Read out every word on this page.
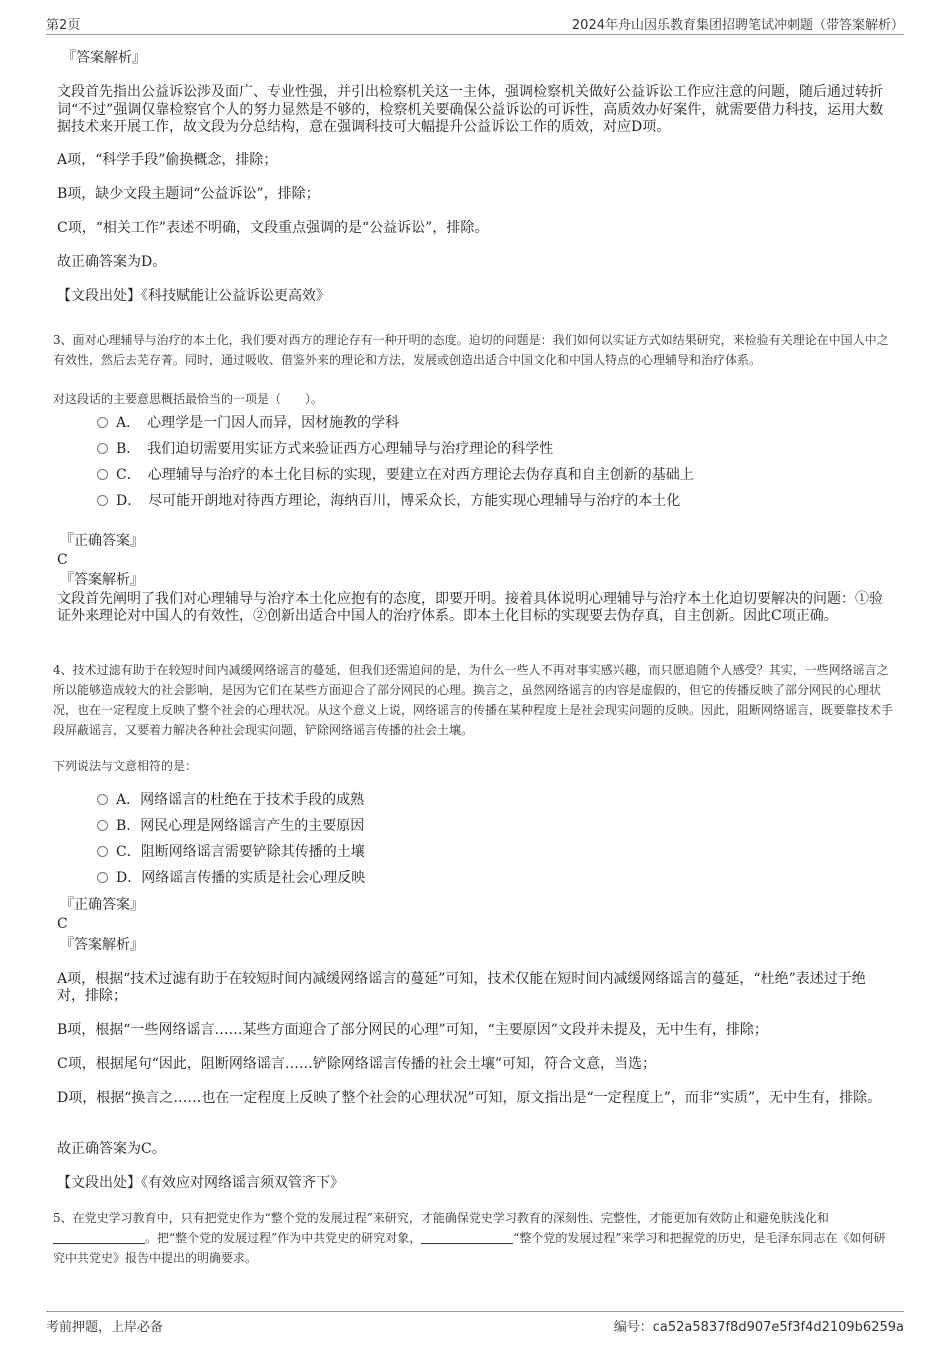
第2页	2024年舟山因乐教育集团招聘笔试冲刺题（带答案解析）
『答案解析』
文段首先指出公益诉讼涉及面广、专业性强，并引出检察机关这一主体，强调检察机关做好公益诉讼工作应注意的问题，随后通过转折词“不过”强调仅靠检察官个人的努力显然是不够的，检察机关要确保公益诉讼的可诉性，高质效办好案件，就需要借力科技，运用大数据技术来开展工作，故文段为分总结构，意在强调科技可大幅提升公益诉讼工作的质效，对应D项。
A项，“科学手段”偷换概念，排除；
B项，缺少文段主题词“公益诉讼”，排除；
C项，“相关工作”表述不明确，文段重点强调的是“公益诉讼”，排除。
故正确答案为D。
【文段出处】《科技赋能让公益诉讼更高效》
3、面对心理辅导与治疗的本土化，我们要对西方的理论存有一种开明的态度。迫切的问题是：我们如何以实证方式如结果研究，来检验有关理论在中国人中之有效性，然后去芜存菁。同时，通过吸收、借鉴外来的理论和方法，发展或创造出适合中国文化和中国人特点的心理辅导和治疗体系。
对这段话的主要意思概括最恰当的一项是（　　）。
A．　心理学是一门因人而异，因材施教的学科
B．　我们迫切需要用实证方式来验证西方心理辅导与治疗理论的科学性
C．　心理辅导与治疗的本土化目标的实现，要建立在对西方理论去伪存真和自主创新的基础上
D．　尽可能开朗地对待西方理论，海纳百川，博采众长，方能实现心理辅导与治疗的本土化
『正确答案』
C
『答案解析』
文段首先阐明了我们对心理辅导与治疗本土化应抱有的态度，即要开明。接着具体说明心理辅导与治疗本土化迫切要解决的问题：①验证外来理论对中国人的有效性，②创新出适合中国人的治疗体系。即本土化目标的实现要去伪存真，自主创新。因此C项正确。
4、技术过滤有助于在较短时间内减缓网络谣言的蔓延，但我们还需追问的是，为什么一些人不再对事实感兴趣，而只愿追随个人感受？其实，一些网络谣言之所以能够造成较大的社会影响，是因为它们在某些方面迎合了部分网民的心理。换言之，虽然网络谣言的内容是虚假的，但它的传播反映了部分网民的心理状况，也在一定程度上反映了整个社会的心理状况。从这个意义上说，网络谣言的传播在某种程度上是社会现实问题的反映。因此，阻断网络谣言，既要靠技术手段屏蔽谣言，又要着力解决各种社会现实问题，铲除网络谣言传播的社会土壤。
下列说法与文意相符的是：
A．网络谣言的杜绝在于技术手段的成熟
B．网民心理是网络谣言产生的主要原因
C．阻断网络谣言需要铲除其传播的土壤
D．网络谣言传播的实质是社会心理反映
『正确答案』
C
『答案解析』
A项，根据“技术过滤有助于在较短时间内减缓网络谣言的蔓延”可知，技术仅能在短时间内减缓网络谣言的蔓延，“杜绝”表述过于绝对，排除；
B项，根据“一些网络谣言……某些方面迎合了部分网民的心理”可知，“主要原因”文段并未提及，无中生有，排除；
C项，根据尾句“因此，阻断网络谣言……铲除网络谣言传播的社会土壤”可知，符合文意，当选；
D项，根据“换言之……也在一定程度上反映了整个社会的心理状况”可知，原文指出是“一定程度上”，而非“实质”，无中生有，排除。
故正确答案为C。
【文段出处】《有效应对网络谣言须双管齐下》
5、在党史学习教育中，只有把党史作为“整个党的发展过程”来研究，才能确保党史学习教育的深刻性、完整性，才能更加有效防止和避免肤浅化和。把“整个党的发展过程”作为中共党史的研究对象，	“整个党的发展过程”来学习和把握党的历史，是毛泽东同志在《如何研究中共党史》报告中提出的明确要求。
考前押题，上岸必备	编号：ca52a5837f8d907e5f3f4d2109b6259a
